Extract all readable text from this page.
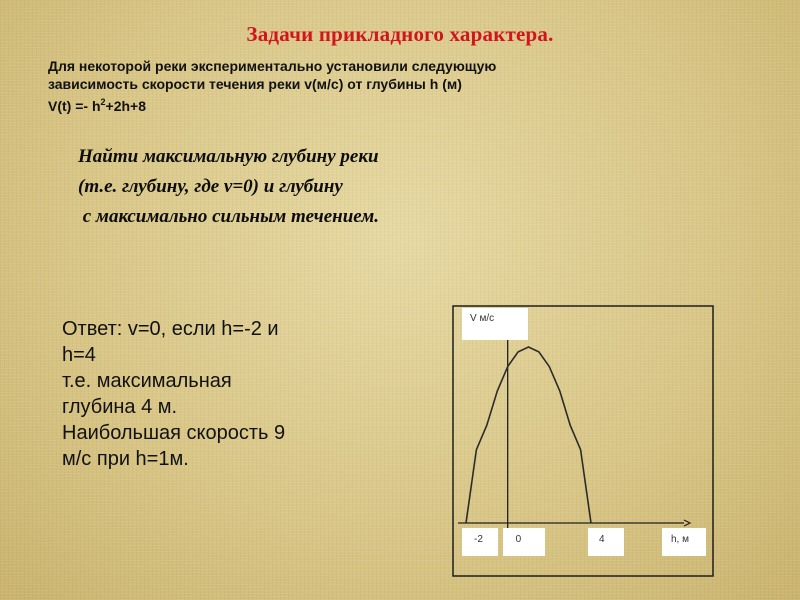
Задачи прикладного характера.
Для некоторой реки экспериментально установили следующую
зависимость скорости течения реки v(м/с) от глубины h (м)
$V(t) =- h^2+2h+8$
Найти максимальную глубину реки
(т.е. глубину, где v=0) и глубину
с максимально сильным течением.
Ответ: v=0, если h=-2 и
h=4
т.е. максимальная
глубина 4 м.
Наибольшая скорость 9
м/с при h=1м.
V м/с
-2	0	4	h, м
